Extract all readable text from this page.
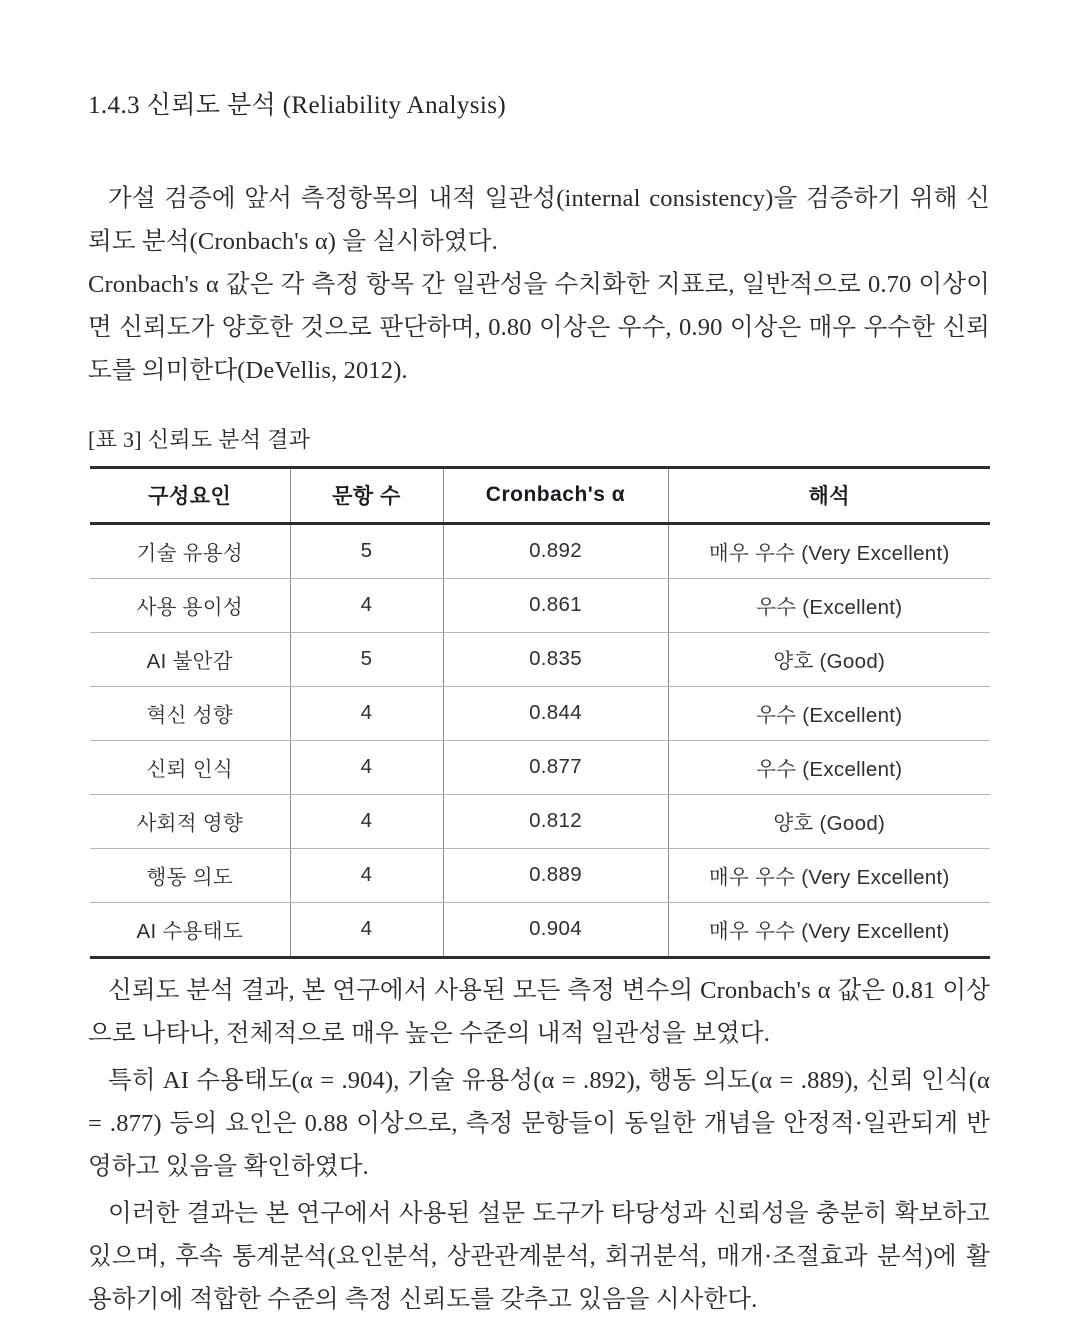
1.4.3 신뢰도 분석 (Reliability Analysis)

가설 검증에 앞서 측정항목의 내적 일관성(internal consistency)을 검증하기 위해 신뢰도 분석(Cronbach's α) 을 실시하였다.

Cronbach's α 값은 각 측정 항목 간 일관성을 수치화한 지표로, 일반적으로 0.70 이상이면 신뢰도가 양호한 것으로 판단하며, 0.80 이상은 우수, 0.90 이상은 매우 우수한 신뢰도를 의미한다(DeVellis, 2012).

[표 3] 신뢰도 분석 결과
구성요인	문항 수	Cronbach's α	해석
기술 유용성	5	0.892	매우 우수 (Very Excellent)
사용 용이성	4	0.861	우수 (Excellent)
AI 불안감	5	0.835	양호 (Good)
혁신 성향	4	0.844	우수 (Excellent)
신뢰 인식	4	0.877	우수 (Excellent)
사회적 영향	4	0.812	양호 (Good)
행동 의도	4	0.889	매우 우수 (Very Excellent)
AI 수용태도	4	0.904	매우 우수 (Very Excellent)

신뢰도 분석 결과, 본 연구에서 사용된 모든 측정 변수의 Cronbach's α 값은 0.81 이상으로 나타나, 전체적으로 매우 높은 수준의 내적 일관성을 보였다.

특히 AI 수용태도(α = .904), 기술 유용성(α = .892), 행동 의도(α = .889), 신뢰 인식(α = .877) 등의 요인은 0.88 이상으로, 측정 문항들이 동일한 개념을 안정적·일관되게 반영하고 있음을 확인하였다.

이러한 결과는 본 연구에서 사용된 설문 도구가 타당성과 신뢰성을 충분히 확보하고 있으며, 후속 통계분석(요인분석, 상관관계분석, 회귀분석, 매개·조절효과 분석)에 활용하기에 적합한 수준의 측정 신뢰도를 갖추고 있음을 시사한다.
